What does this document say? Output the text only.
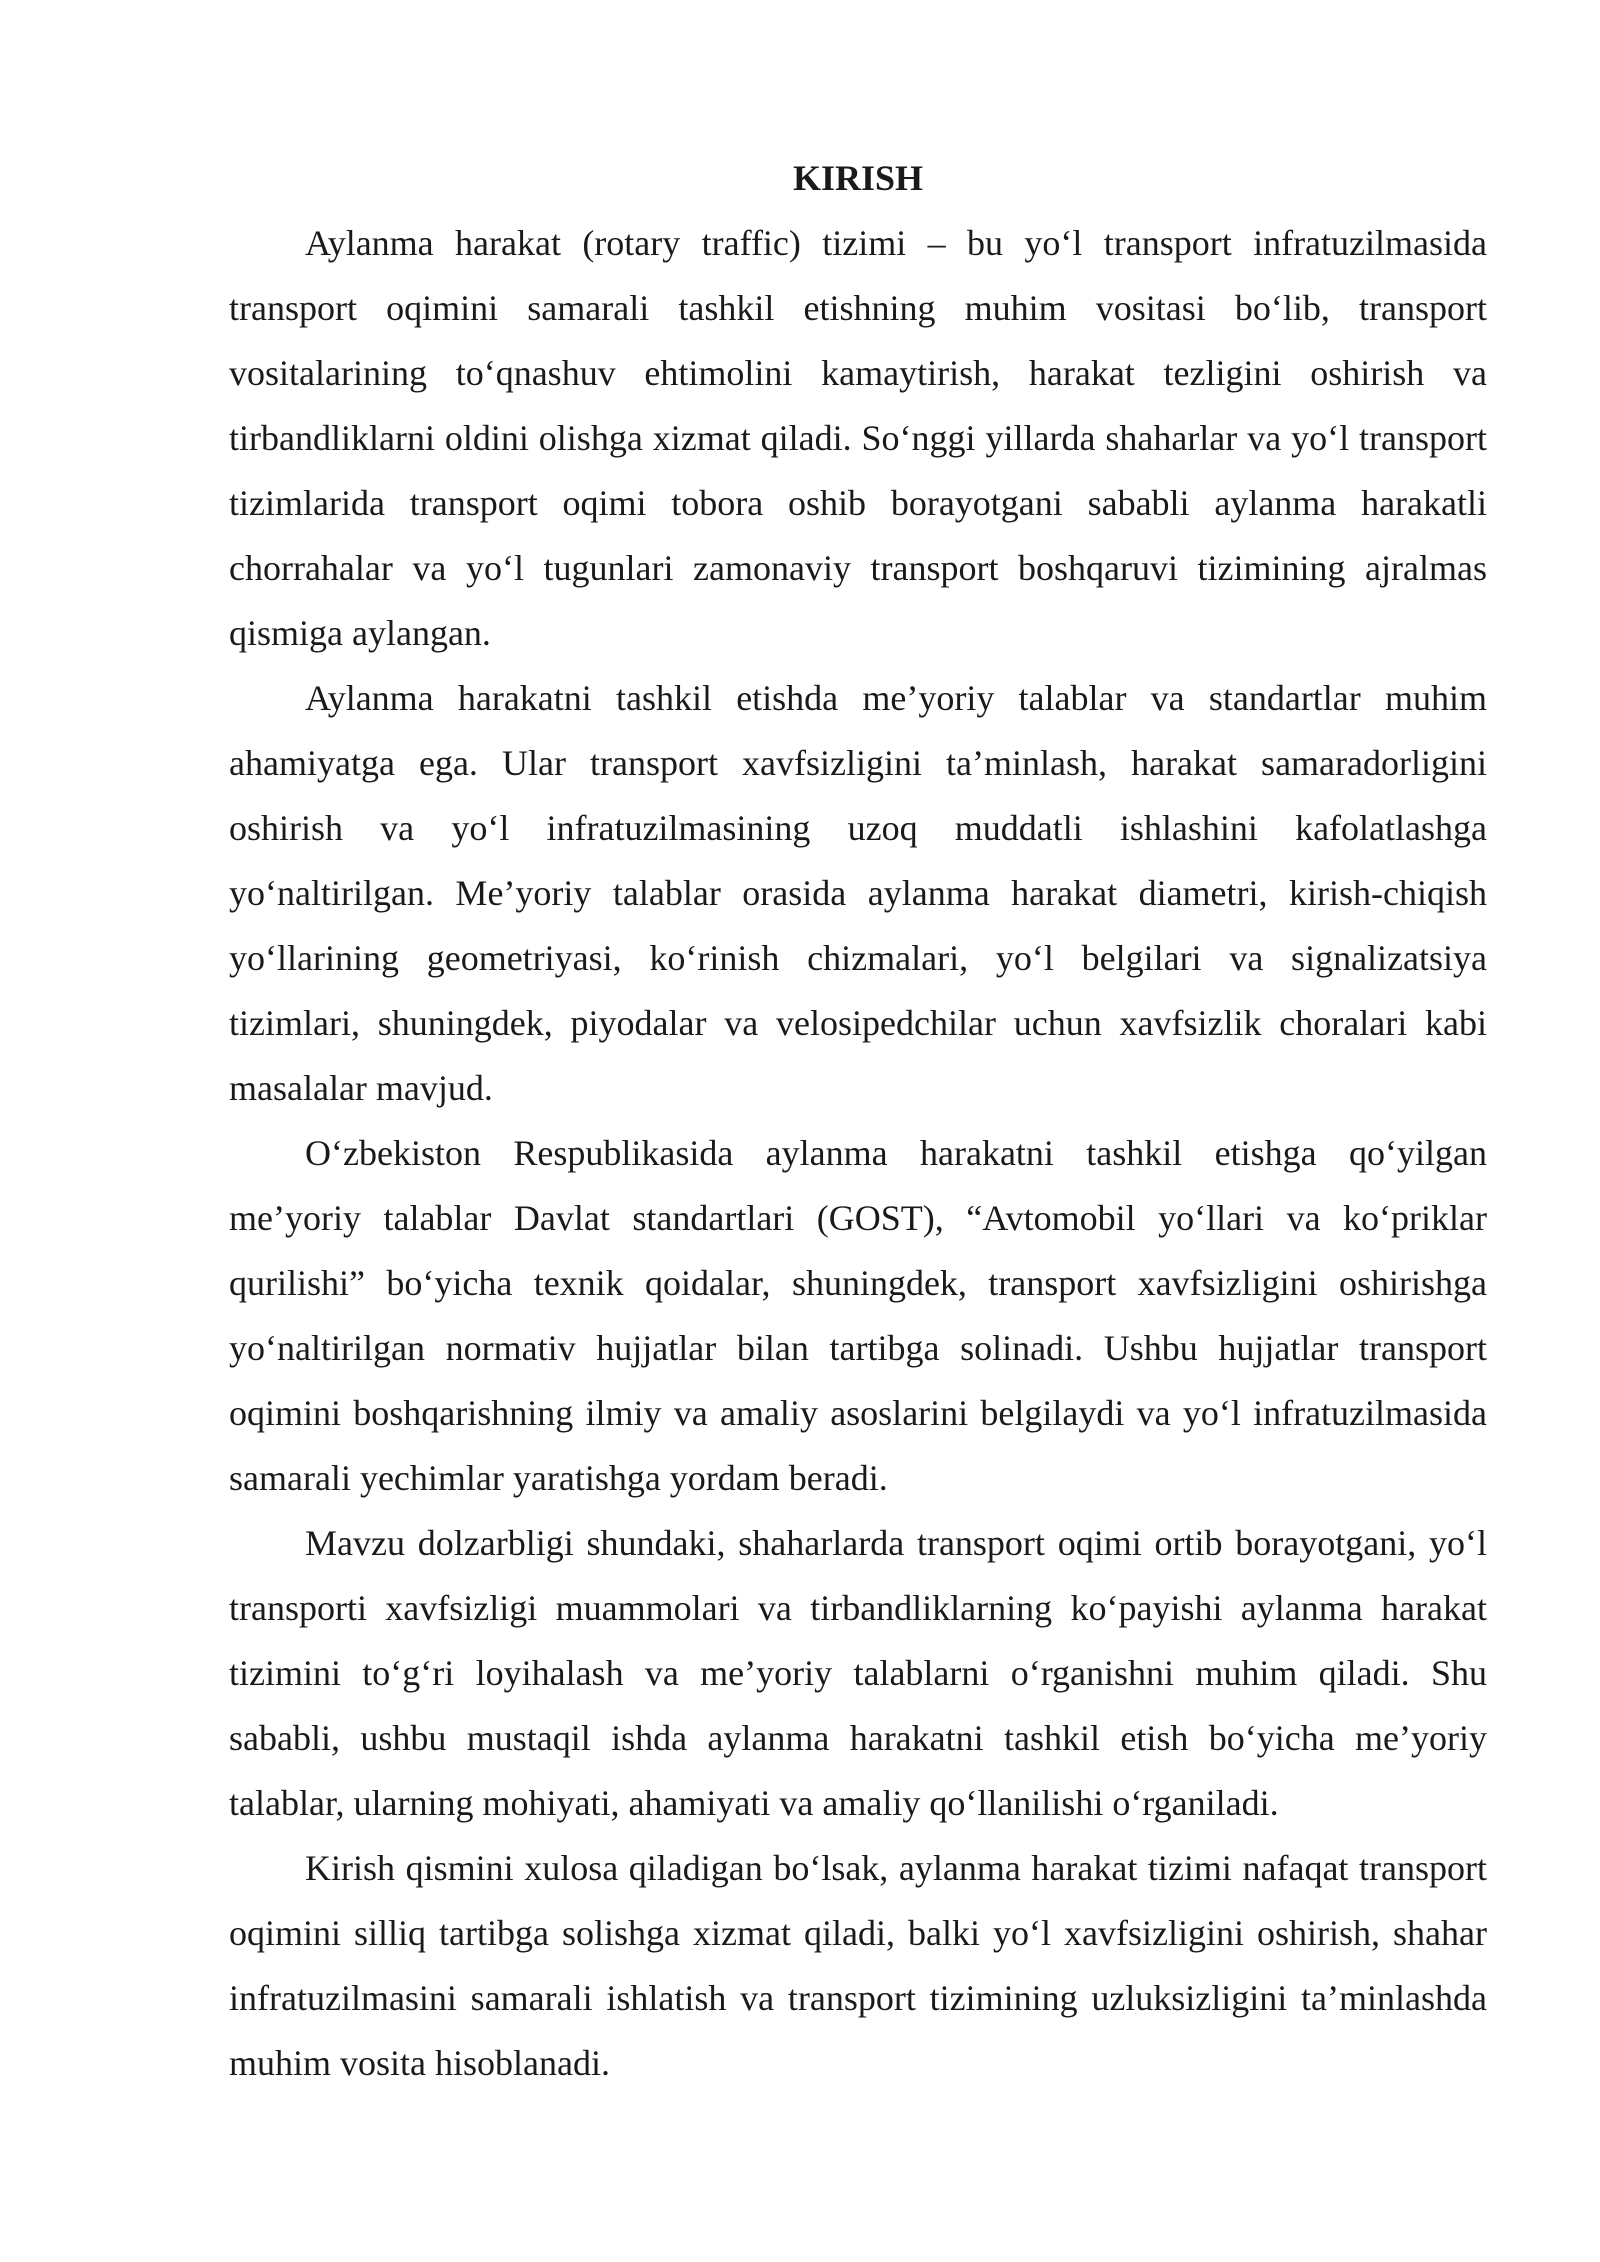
KIRISH

Aylanma harakat (rotary traffic) tizimi – bu yo‘l transport infratuzilmasida transport oqimini samarali tashkil etishning muhim vositasi bo‘lib, transport vositalarining to‘qnashuv ehtimolini kamaytirish, harakat tezligini oshirish va tirbandliklarni oldini olishga xizmat qiladi. So‘nggi yillarda shaharlar va yo‘l transport tizimlarida transport oqimi tobora oshib borayotgani sababli aylanma harakatli chorrahalar va yo‘l tugunlari zamonaviy transport boshqaruvi tizimining ajralmas qismiga aylangan.

Aylanma harakatni tashkil etishda me’yoriy talablar va standartlar muhim ahamiyatga ega. Ular transport xavfsizligini ta’minlash, harakat samaradorligini oshirish va yo‘l infratuzilmasining uzoq muddatli ishlashini kafolatlashga yo‘naltirilgan. Me’yoriy talablar orasida aylanma harakat diametri, kirish-chiqish yo‘llarining geometriyasi, ko‘rinish chizmalari, yo‘l belgilari va signalizatsiya tizimlari, shuningdek, piyodalar va velosipedchilar uchun xavfsizlik choralari kabi masalalar mavjud.

O‘zbekiston Respublikasida aylanma harakatni tashkil etishga qo‘yilgan me’yoriy talablar Davlat standartlari (GOST), “Avtomobil yo‘llari va ko‘priklar qurilishi” bo‘yicha texnik qoidalar, shuningdek, transport xavfsizligini oshirishga yo‘naltirilgan normativ hujjatlar bilan tartibga solinadi. Ushbu hujjatlar transport oqimini boshqarishning ilmiy va amaliy asoslarini belgilaydi va yo‘l infratuzilmasida samarali yechimlar yaratishga yordam beradi.

Mavzu dolzarbligi shundaki, shaharlarda transport oqimi ortib borayotgani, yo‘l transporti xavfsizligi muammolari va tirbandliklarning ko‘payishi aylanma harakat tizimini to‘g‘ri loyihalash va me’yoriy talablarni o‘rganishni muhim qiladi. Shu sababli, ushbu mustaqil ishda aylanma harakatni tashkil etish bo‘yicha me’yoriy talablar, ularning mohiyati, ahamiyati va amaliy qo‘llanilishi o‘rganiladi.

Kirish qismini xulosa qiladigan bo‘lsak, aylanma harakat tizimi nafaqat transport oqimini silliq tartibga solishga xizmat qiladi, balki yo‘l xavfsizligini oshirish, shahar infratuzilmasini samarali ishlatish va transport tizimining uzluksizligini ta’minlashda muhim vosita hisoblanadi.
